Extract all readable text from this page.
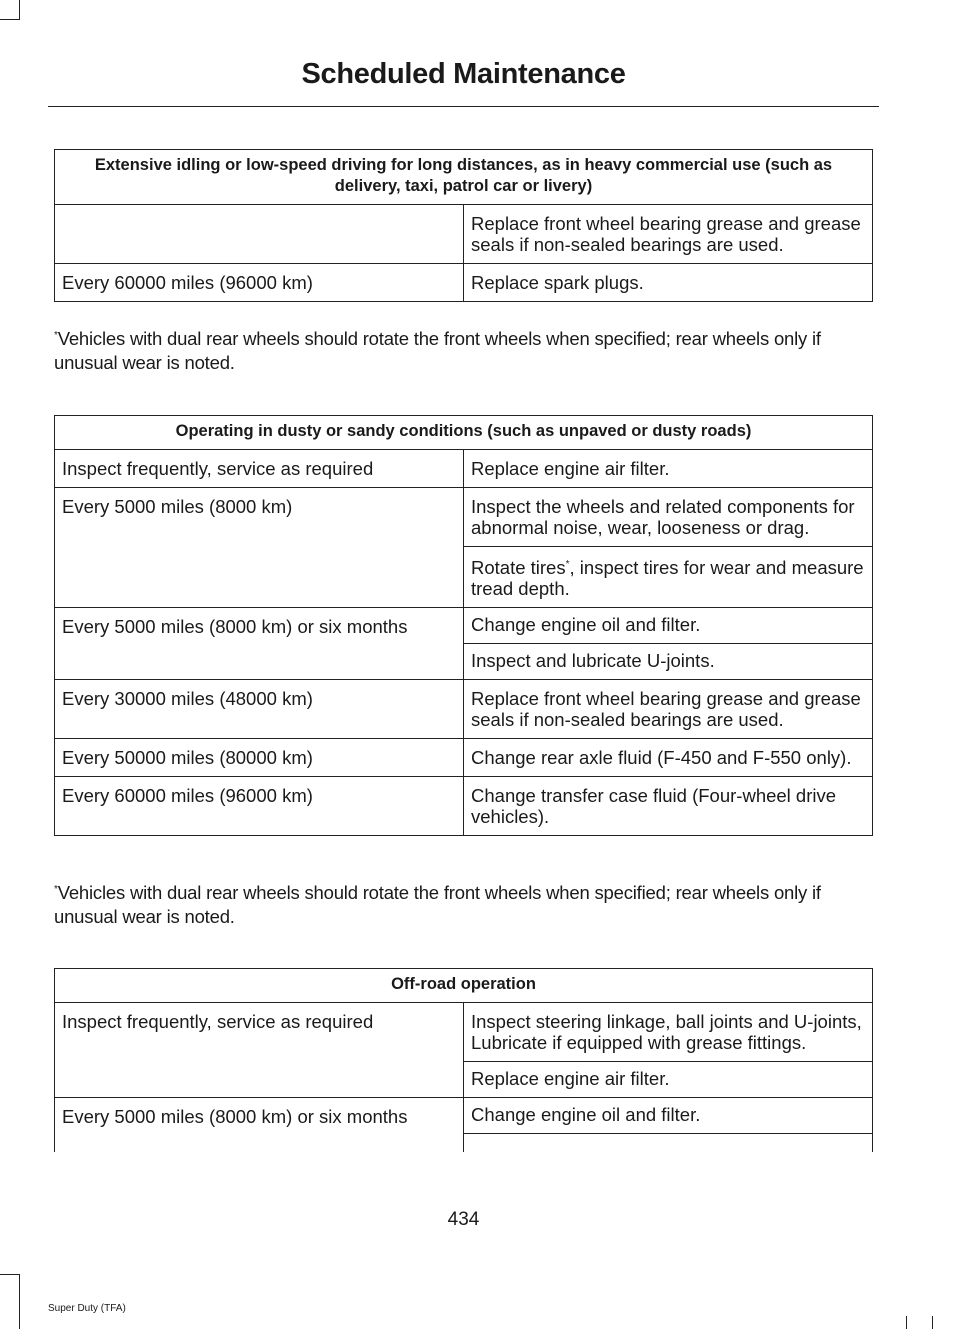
Scheduled Maintenance
Extensive idling or low-speed driving for long distances, as in heavy commercial use (such as delivery, taxi, patrol car or livery)	
	Replace front wheel bearing grease and grease seals if non-sealed bearings are used.
Every 60000 miles (96000 km)	Replace spark plugs.
*Vehicles with dual rear wheels should rotate the front wheels when specified; rear wheels only if unusual wear is noted.
Operating in dusty or sandy conditions (such as unpaved or dusty roads)	
Inspect frequently, service as required	Replace engine air filter.
Every 5000 miles (8000 km)	Inspect the wheels and related components for abnormal noise, wear, looseness or drag.
	Rotate tires*, inspect tires for wear and measure tread depth.
Every 5000 miles (8000 km) or six months	Change engine oil and filter.
	Inspect and lubricate U-joints.
Every 30000 miles (48000 km)	Replace front wheel bearing grease and grease seals if non-sealed bearings are used.
Every 50000 miles (80000 km)	Change rear axle fluid (F-450 and F-550 only).
Every 60000 miles (96000 km)	Change transfer case fluid (Four-wheel drive vehicles).
*Vehicles with dual rear wheels should rotate the front wheels when specified; rear wheels only if unusual wear is noted.
Off-road operation	
Inspect frequently, service as required	Inspect steering linkage, ball joints and U-joints, Lubricate if equipped with grease fittings.
	Replace engine air filter.
Every 5000 miles (8000 km) or six months	Change engine oil and filter.

434
Super Duty (TFA)
